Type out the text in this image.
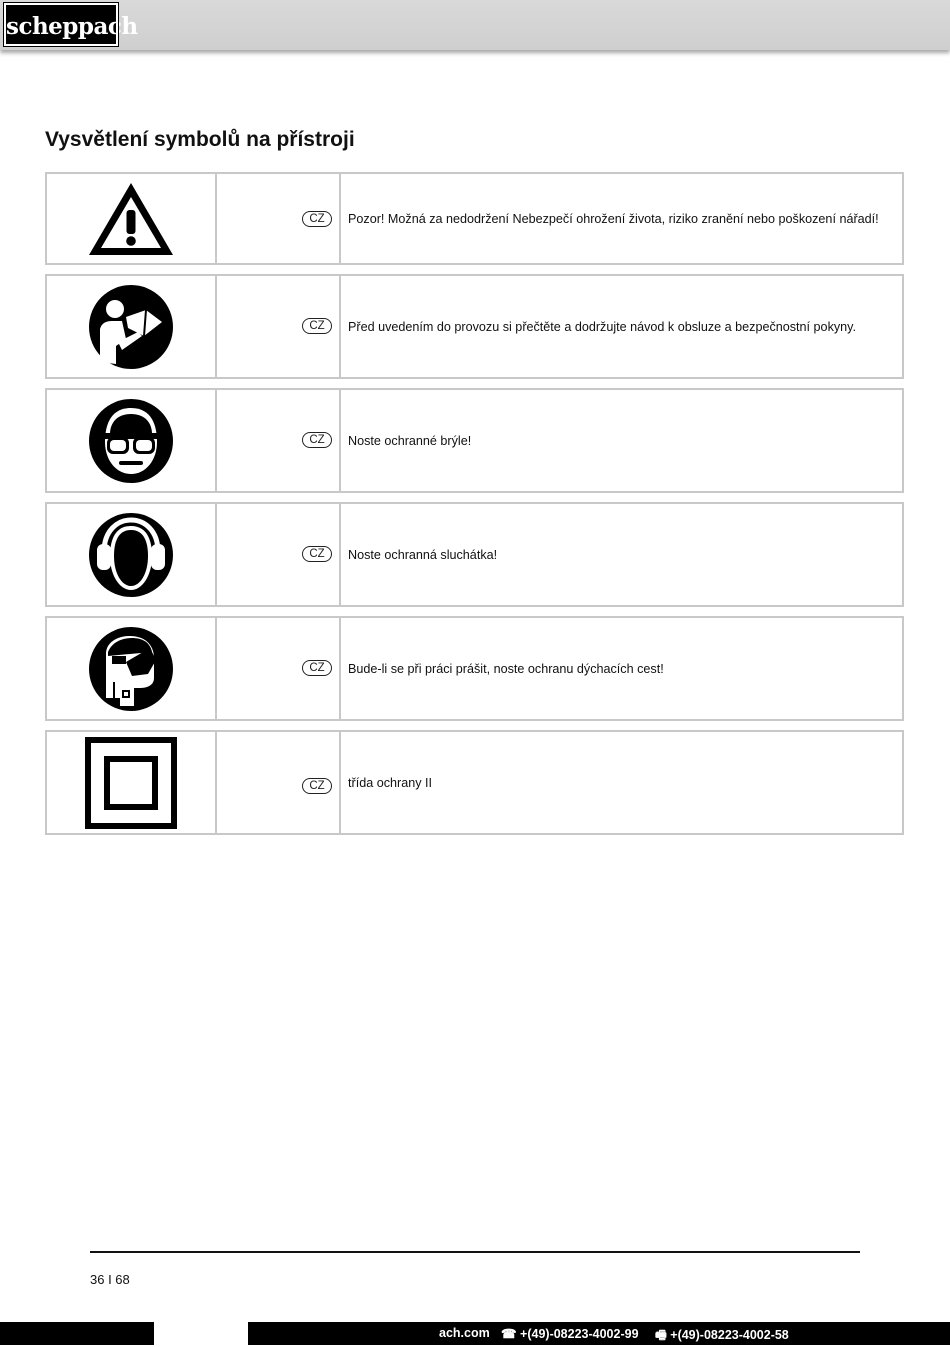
scheppach
Vysvětlení symbolů na přístroji
CZ	Pozor! Možná za nedodržení Nebezpečí ohrožení života, riziko zranění nebo poškození nářadí!
CZ	Před uvedením do provozu si přečtěte a dodržujte návod k obsluze a bezpečnostní pokyny.
CZ	Noste ochranné brýle!
CZ	Noste ochranná sluchátka!
CZ	Bude-li se při práci prášit, noste ochranu dýchacích cest!
CZ	třída ochrany II
36 I 68
ach.com ☎ +(49)-08223-4002-99 🖷 +(49)-08223-4002-58
